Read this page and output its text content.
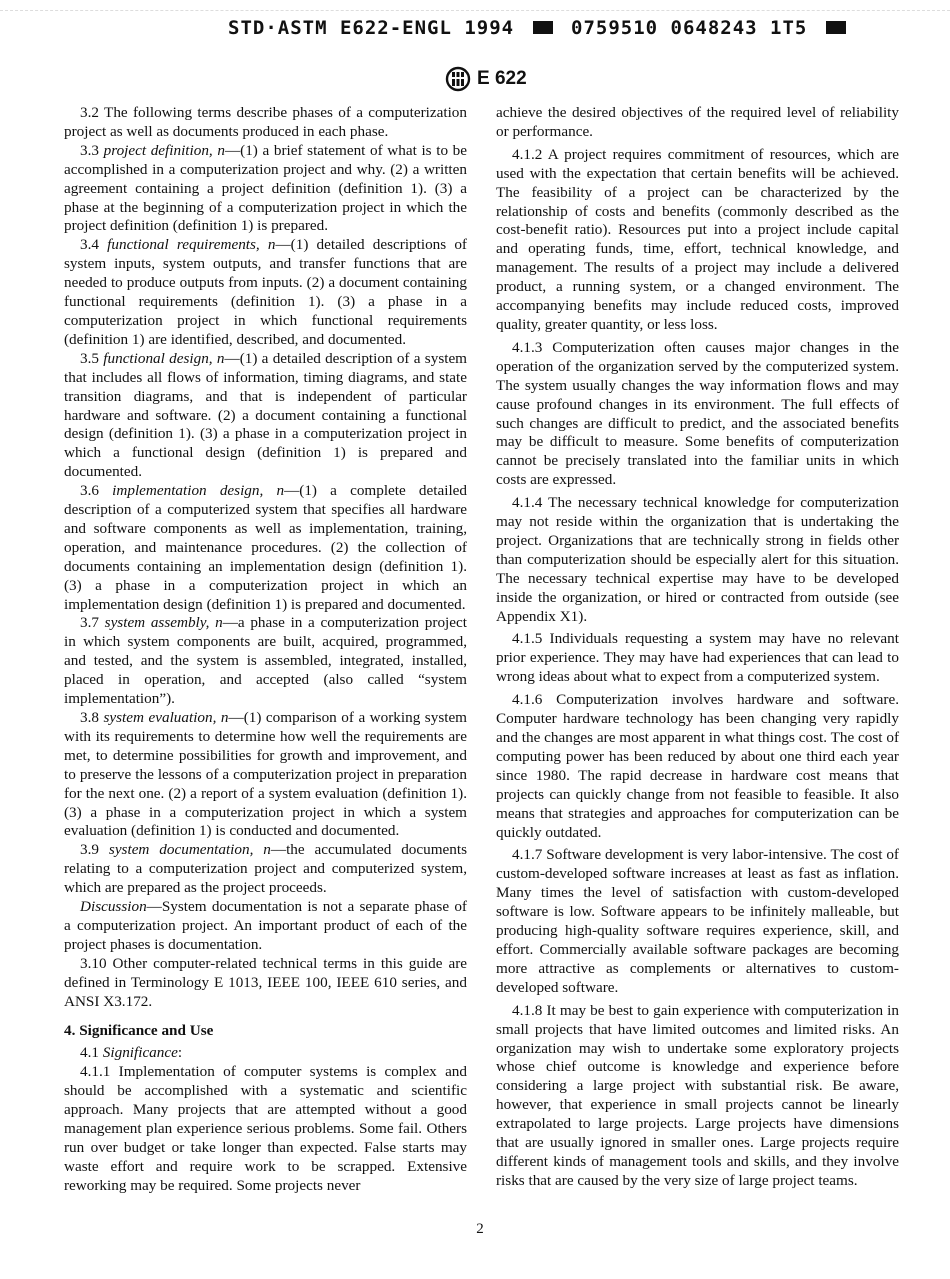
STD·ASTM E622-ENGL 1994	0759510 0648243 1T5
E 622

3.2 The following terms describe phases of a computerization project as well as documents produced in each phase.

3.3 project definition, n—(1) a brief statement of what is to be accomplished in a computerization project and why. (2) a written agreement containing a project definition (definition 1). (3) a phase at the beginning of a computerization project in which the project definition (definition 1) is prepared.

3.4 functional requirements, n—(1) detailed descriptions of system inputs, system outputs, and transfer functions that are needed to produce outputs from inputs. (2) a document containing functional requirements (definition 1). (3) a phase in a computerization project in which functional requirements (definition 1) are identified, described, and documented.

3.5 functional design, n—(1) a detailed description of a system that includes all flows of information, timing diagrams, and state transition diagrams, and that is independent of particular hardware and software. (2) a document containing a functional design (definition 1). (3) a phase in a computerization project in which a functional design (definition 1) is prepared and documented.

3.6 implementation design, n—(1) a complete detailed description of a computerized system that specifies all hardware and software components as well as implementation, training, operation, and maintenance procedures. (2) the collection of documents containing an implementation design (definition 1). (3) a phase in a computerization project in which an implementation design (definition 1) is prepared and documented.

3.7 system assembly, n—a phase in a computerization project in which system components are built, acquired, programmed, and tested, and the system is assembled, integrated, installed, placed in operation, and accepted (also called “system implementation”).

3.8 system evaluation, n—(1) comparison of a working system with its requirements to determine how well the requirements are met, to determine possibilities for growth and improvement, and to preserve the lessons of a computerization project in preparation for the next one. (2) a report of a system evaluation (definition 1). (3) a phase in a computerization project in which a system evaluation (definition 1) is conducted and documented.

3.9 system documentation, n—the accumulated documents relating to a computerization project and computerized system, which are prepared as the project proceeds.

Discussion—System documentation is not a separate phase of a computerization project. An important product of each of the project phases is documentation.

3.10 Other computer-related technical terms in this guide are defined in Terminology E 1013, IEEE 100, IEEE 610 series, and ANSI X3.172.

4. Significance and Use

4.1 Significance:

4.1.1 Implementation of computer systems is complex and should be accomplished with a systematic and scientific approach. Many projects that are attempted without a good management plan experience serious problems. Some fail. Others run over budget or take longer than expected. False starts may waste effort and require work to be scrapped. Extensive reworking may be required. Some projects never

achieve the desired objectives of the required level of reliability or performance.

4.1.2 A project requires commitment of resources, which are used with the expectation that certain benefits will be achieved. The feasibility of a project can be characterized by the relationship of costs and benefits (commonly described as the cost-benefit ratio). Resources put into a project include capital and operating funds, time, effort, technical knowledge, and management. The results of a project may include a delivered product, a running system, or a changed environment. The accompanying benefits may include reduced costs, improved quality, greater quantity, or less loss.

4.1.3 Computerization often causes major changes in the operation of the organization served by the computerized system. The system usually changes the way information flows and may cause profound changes in its environment. The full effects of such changes are difficult to predict, and the associated benefits may be difficult to measure. Some benefits of computerization cannot be precisely translated into the familiar units in which costs are expressed.

4.1.4 The necessary technical knowledge for computerization may not reside within the organization that is undertaking the project. Organizations that are technically strong in fields other than computerization should be especially alert for this situation. The necessary technical expertise may have to be developed inside the organization, or hired or contracted from outside (see Appendix X1).

4.1.5 Individuals requesting a system may have no relevant prior experience. They may have had experiences that can lead to wrong ideas about what to expect from a computerized system.

4.1.6 Computerization involves hardware and software. Computer hardware technology has been changing very rapidly and the changes are most apparent in what things cost. The cost of computing power has been reduced by about one third each year since 1980. The rapid decrease in hardware cost means that projects can quickly change from not feasible to feasible. It also means that strategies and approaches for computerization can be quickly outdated.

4.1.7 Software development is very labor-intensive. The cost of custom-developed software increases at least as fast as inflation. Many times the level of satisfaction with custom-developed software is low. Software appears to be infinitely malleable, but producing high-quality software requires experience, skill, and effort. Commercially available software packages are becoming more attractive as complements or alternatives to custom-developed software.

4.1.8 It may be best to gain experience with computerization in small projects that have limited outcomes and limited risks. An organization may wish to undertake some exploratory projects whose chief outcome is knowledge and experience before considering a large project with substantial risk. Be aware, however, that experience in small projects cannot be linearly extrapolated to large projects. Large projects have dimensions that are usually ignored in smaller ones. Large projects require different kinds of management tools and skills, and they involve risks that are caused by the very size of large project teams.

2
